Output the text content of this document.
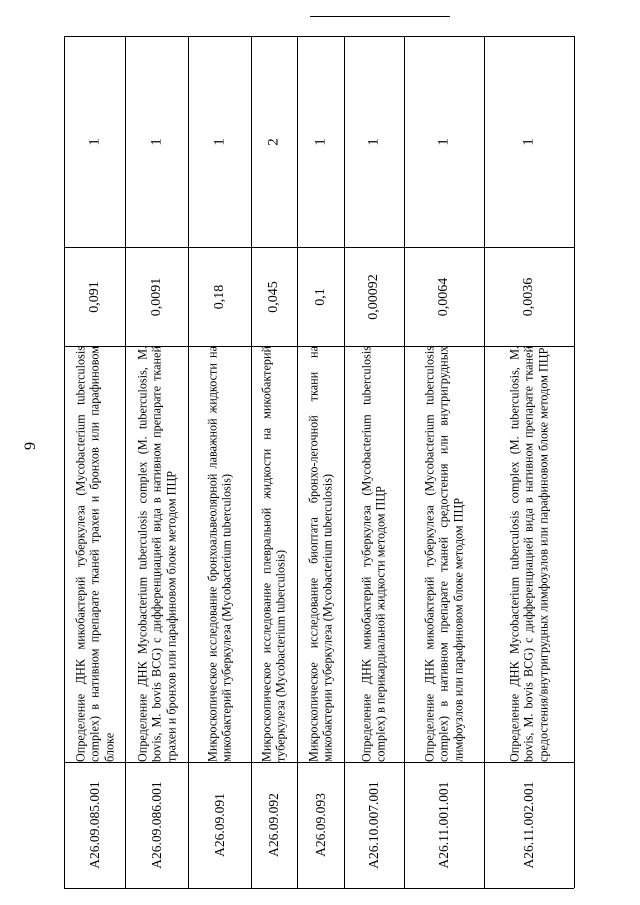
9
A26.09.085.001
Определение ДНК микобактерий туберкулеза (Mycobacterium tuberculosis complex) в нативном препарате тканей трахеи и бронхов или парафиновом блоке
0,091
1
A26.09.086.001
Определение ДНК Mycobacterium tuberculosis complex (M. tuberculosis, M. bovis, M. bovis BCG) с дифференциацией вида в нативном препарате тканей трахеи и бронхов или парафиновом блоке методом ПЦР
0,0091
1
A26.09.091
Микроскопическое исследование бронхоальвеолярной лаважной жидкости на микобактерий туберкулеза (Mycobacterium tuberculosis)
0,18
1
A26.09.092
Микроскопическое исследование плевральной жидкости на микобактерий туберкулеза (Mycobacterium tuberculosis)
0,045
2
A26.09.093
Микроскопическое исследование биоптата бронхо-легочной ткани на микобактерии туберкулеза (Mycobacterium tuberculosis)
0,1
1
A26.10.007.001
Определение ДНК микобактерий туберкулеза (Mycobacterium tuberculosis complex) в перикардиальной жидкости методом ПЦР
0,00092
1
A26.11.001.001
Определение ДНК микобактерий туберкулеза (Mycobacterium tuberculosis complex) в нативном препарате тканей средостения или внутригрудных лимфоузлов или парафиновом блоке методом ПЦР
0,0064
1
A26.11.002.001
Определение ДНК Mycobacterium tuberculosis complex (M. tuberculosis, M. bovis, M. bovis BCG) с дифференциацией вида в нативном препарате тканей средостения/внутригрудных лимфоузлов или парафиновом блоке методом ПЦР
0,0036
1
